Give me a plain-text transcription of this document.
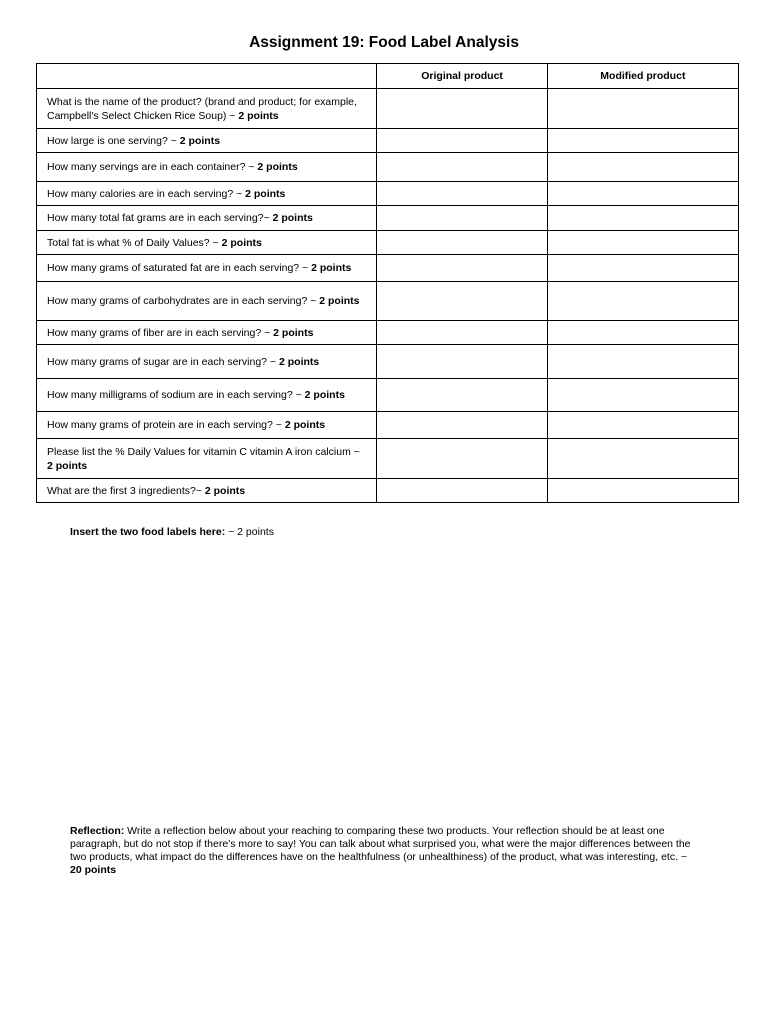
Assignment 19: Food Label Analysis
	Original product	Modified product
What is the name of the product? (brand and product; for example, Campbell's Select Chicken Rice Soup) ~ 2 points		
How large is one serving? ~ 2 points		
How many servings are in each container? ~ 2 points		
How many calories are in each serving? ~ 2 points		
How many total fat grams are in each serving?~ 2 points		
Total fat is what % of Daily Values? ~ 2 points		
How many grams of saturated fat are in each serving? ~ 2 points		
How many grams of carbohydrates are in each serving? ~ 2 points		
How many grams of fiber are in each serving? ~ 2 points		
How many grams of sugar are in each serving? ~ 2 points		
How many milligrams of sodium are in each serving? ~ 2 points		
How many grams of protein are in each serving? ~ 2 points		
Please list the % Daily Values for vitamin C vitamin A iron calcium ~ 2 points		
What are the first 3 ingredients?~ 2 points		
Insert the two food labels here: ~ 2 points
Reflection: Write a reflection below about your reaching to comparing these two products. Your reflection should be at least one paragraph, but do not stop if there's more to say! You can talk about what surprised you, what were the major differences between the two products, what impact do the differences have on the healthfulness (or unhealthiness) of the product, what was interesting, etc. ~ 20 points
